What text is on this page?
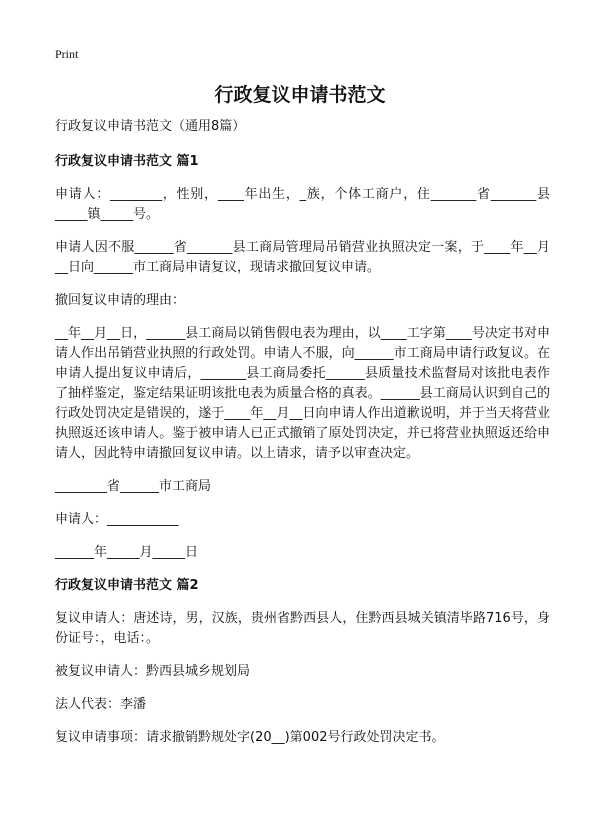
Print
行政复议申请书范文

行政复议申请书范文（通用8篇）

行政复议申请书范文 篇1

申请人：________，性别，____年出生，_族，个体工商户，住_______省_______县_____镇_____号。

申请人因不服______省_______县工商局管理局吊销营业执照决定一案，于____年__月__日向______市工商局申请复议，现请求撤回复议申请。

撤回复议申请的理由：

__年__月__日，______县工商局以销售假电表为理由，以____工字第____号决定书对申请人作出吊销营业执照的行政处罚。申请人不服，向______市工商局申请行政复议。在申请人提出复议申请后，_______县工商局委托______县质量技术监督局对该批电表作了抽样鉴定，鉴定结果证明该批电表为质量合格的真表。______县工商局认识到自己的行政处罚决定是错误的，遂于____年__月__日向申请人作出道歉说明，并于当天将营业执照返还该申请人。鉴于被申请人已正式撤销了原处罚决定，并已将营业执照返还给申请人，因此特申请撤回复议申请。以上请求，请予以审查决定。

________省______市工商局

申请人：___________

______年_____月_____日

行政复议申请书范文 篇2

复议申请人：唐述诗，男，汉族，贵州省黔西县人，住黔西县城关镇清毕路716号，身份证号：，电话：。

被复议申请人：黔西县城乡规划局

法人代表：李潘

复议申请事项：请求撤销黔规处字(20__)第002号行政处罚决定书。
